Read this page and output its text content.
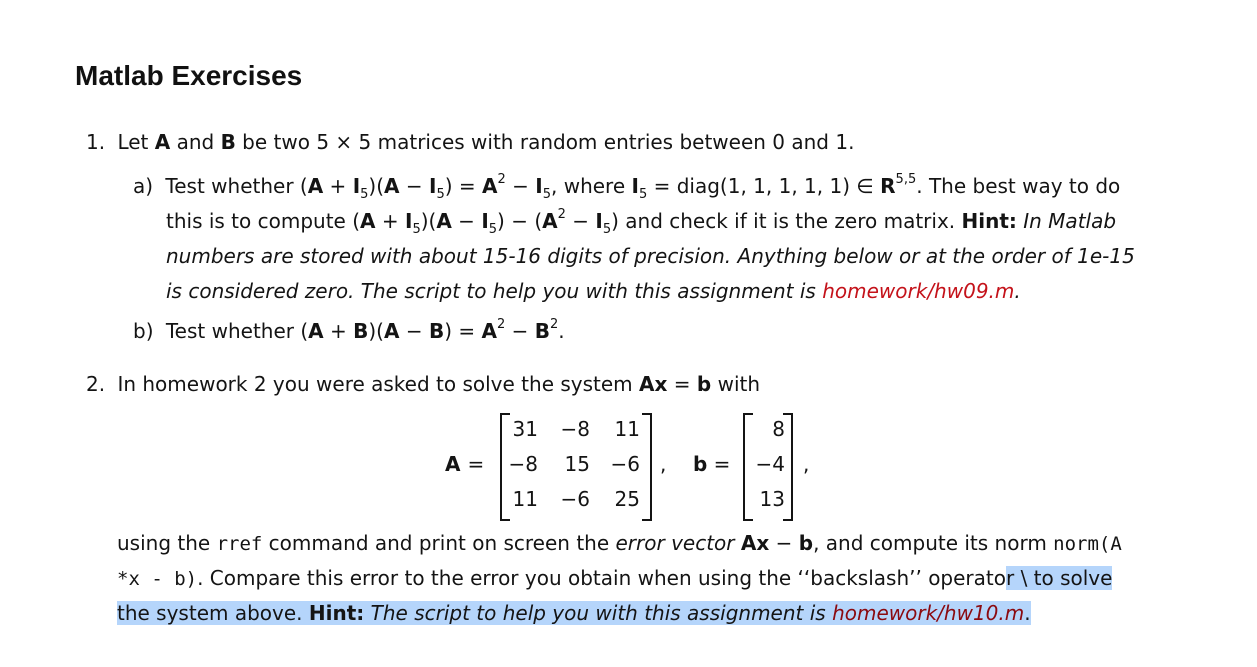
Matlab Exercises
1. Let A and B be two 5 × 5 matrices with random entries between 0 and 1.
a) Test whether $(A + I_5)(A - I_5) = A^2 - I_5$, where $I_5$ = diag(1, 1, 1, 1, 1) ∈ R$^{5,5}$. The best way to do
this is to compute $(A + I_5)(A - I_5) - (A^2 - I_5)$ and check if it is the zero matrix. Hint: In Matlab
numbers are stored with about 15-16 digits of precision. Anything below or at the order of 1e-15
is considered zero. The script to help you with this assignment is homework/hw09.m.
b) Test whether $(A + B)(A - B) = A^2 - B^2$.
2. In homework 2 you were asked to solve the system Ax = b with
A =
31	−8	11
−8	15	−6
11	−6	25
, b =
8
−4
13
,
using the rref command and print on screen the error vector Ax − b, and compute its norm norm(A
*x - b). Compare this error to the error you obtain when using the ‘‘backslash’’ operator \ to solve
the system above. Hint: The script to help you with this assignment is homework/hw10.m.
